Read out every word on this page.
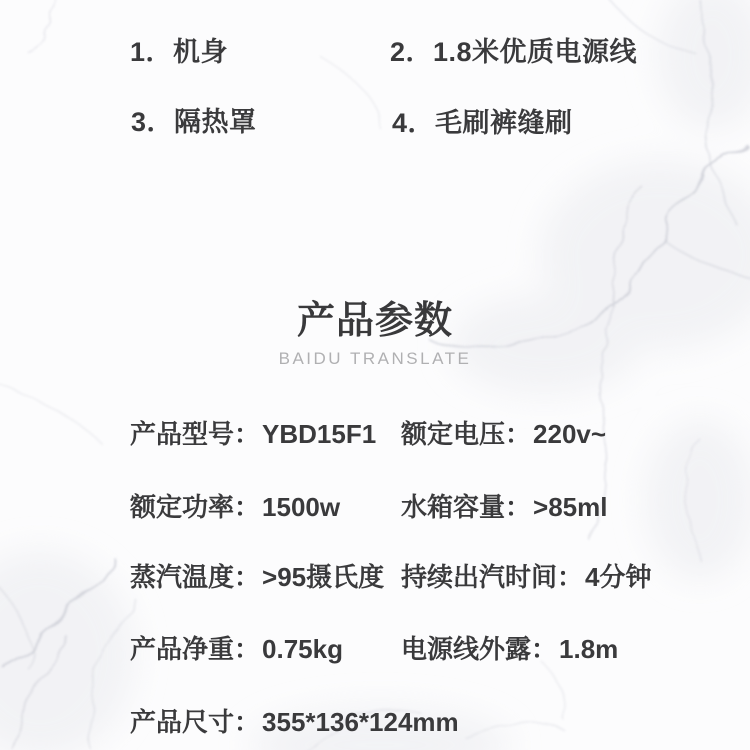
1．机身	2．1.8米优质电源线
3．隔热罩	4．毛刷裤缝刷
产品参数
BAIDU TRANSLATE
产品型号：YBD15F1 额定电压：220v~
额定功率：1500w 水箱容量：>85ml
蒸汽温度：>95摄氏度 持续出汽时间：4分钟
产品净重：0.75kg 电源线外露：1.8m
产品尺寸：355*136*124mm
